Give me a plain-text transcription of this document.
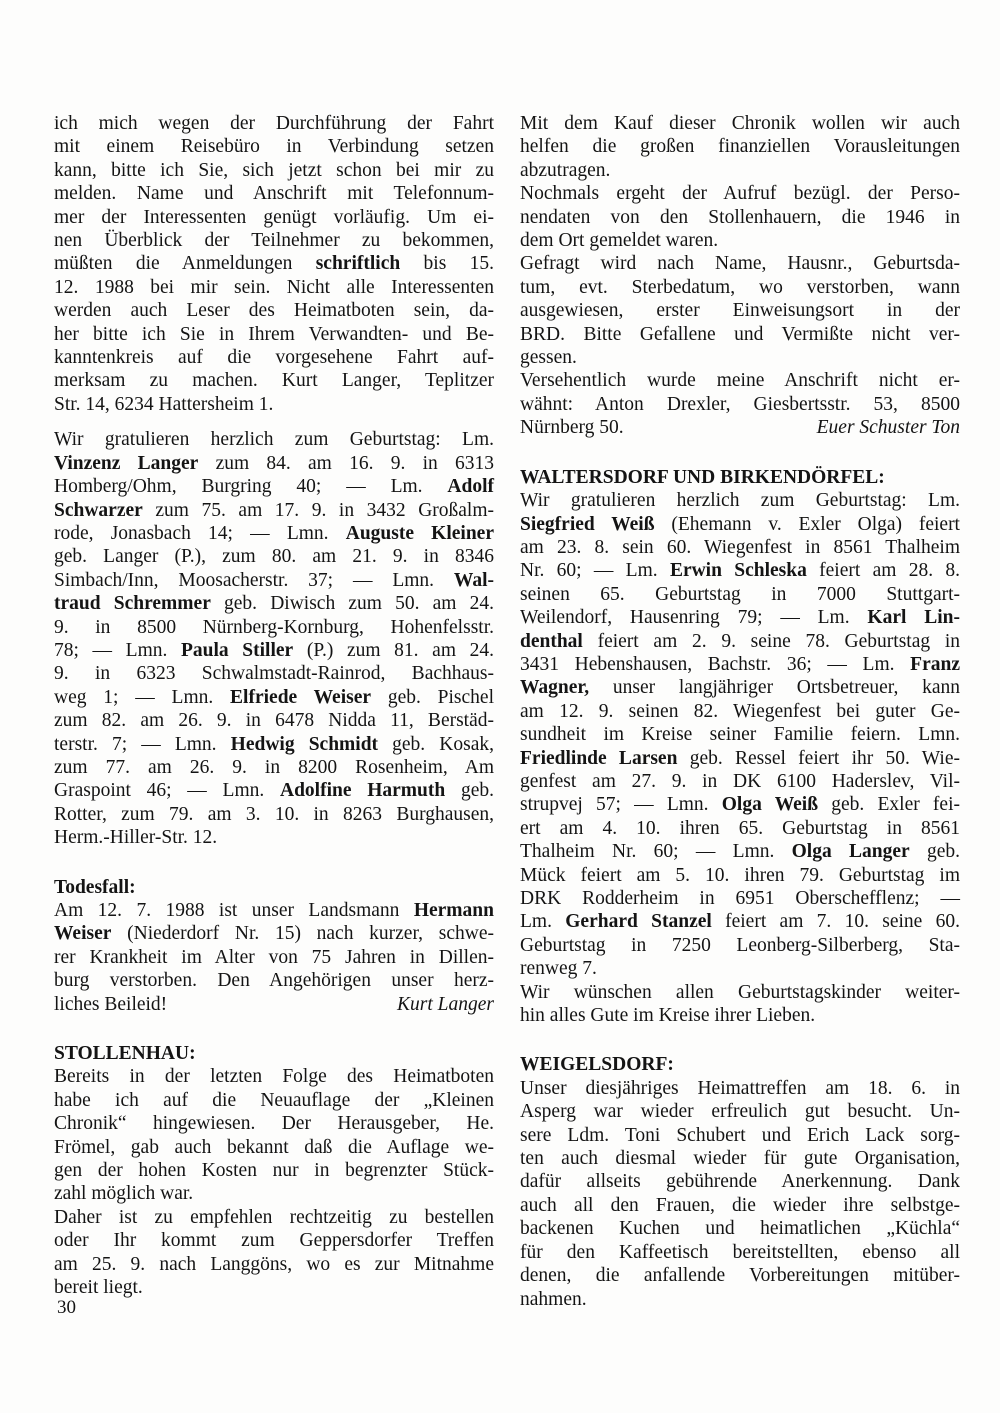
ich mich wegen der Durchführung der Fahrt
mit einem Reisebüro in Verbindung setzen
kann, bitte ich Sie, sich jetzt schon bei mir zu
melden. Name und Anschrift mit Telefonnum-
mer der Interessenten genügt vorläufig. Um ei-
nen Überblick der Teilnehmer zu bekommen,
müßten die Anmeldungen schriftlich bis 15.
12. 1988 bei mir sein. Nicht alle Interessenten
werden auch Leser des Heimatboten sein, da-
her bitte ich Sie in Ihrem Verwandten- und Be-
kanntenkreis auf die vorgesehene Fahrt auf-
merksam zu machen. Kurt Langer, Teplitzer
Str. 14, 6234 Hattersheim 1.
Wir gratulieren herzlich zum Geburtstag: Lm.
Vinzenz Langer zum 84. am 16. 9. in 6313
Homberg/Ohm, Burgring 40; — Lm. Adolf
Schwarzer zum 75. am 17. 9. in 3432 Großalm-
rode, Jonasbach 14; — Lmn. Auguste Kleiner
geb. Langer (P.), zum 80. am 21. 9. in 8346
Simbach/Inn, Moosacherstr. 37; — Lmn. Wal-
traud Schremmer geb. Diwisch zum 50. am 24.
9. in 8500 Nürnberg-Kornburg, Hohenfelsstr.
78; — Lmn. Paula Stiller (P.) zum 81. am 24.
9. in 6323 Schwalmstadt-Rainrod, Bachhaus-
weg 1; — Lmn. Elfriede Weiser geb. Pischel
zum 82. am 26. 9. in 6478 Nidda 11, Berstäd-
terstr. 7; — Lmn. Hedwig Schmidt geb. Kosak,
zum 77. am 26. 9. in 8200 Rosenheim, Am
Graspoint 46; — Lmn. Adolfine Harmuth geb.
Rotter, zum 79. am 3. 10. in 8263 Burghausen,
Herm.-Hiller-Str. 12.
Todesfall:
Am 12. 7. 1988 ist unser Landsmann Hermann
Weiser (Niederdorf Nr. 15) nach kurzer, schwe-
rer Krankheit im Alter von 75 Jahren in Dillen-
burg verstorben. Den Angehörigen unser herz-
liches Beileid!	Kurt Langer
STOLLENHAU:
Bereits in der letzten Folge des Heimatboten
habe ich auf die Neuauflage der „Kleinen
Chronik“ hingewiesen. Der Herausgeber, He.
Frömel, gab auch bekannt daß die Auflage we-
gen der hohen Kosten nur in begrenzter Stück-
zahl möglich war.
Daher ist zu empfehlen rechtzeitig zu bestellen
oder Ihr kommt zum Geppersdorfer Treffen
am 25. 9. nach Langgöns, wo es zur Mitnahme
bereit liegt.
Mit dem Kauf dieser Chronik wollen wir auch
helfen die großen finanziellen Vorausleitungen
abzutragen.
Nochmals ergeht der Aufruf bezügl. der Perso-
nendaten von den Stollenhauern, die 1946 in
dem Ort gemeldet waren.
Gefragt wird nach Name, Hausnr., Geburtsda-
tum, evt. Sterbedatum, wo verstorben, wann
ausgewiesen, erster Einweisungsort in der
BRD. Bitte Gefallene und Vermißte nicht ver-
gessen.
Versehentlich wurde meine Anschrift nicht er-
wähnt: Anton Drexler, Giesbertsstr. 53, 8500
Nürnberg 50.	Euer Schuster Ton
WALTERSDORF UND BIRKENDÖRFEL:
Wir gratulieren herzlich zum Geburtstag: Lm.
Siegfried Weiß (Ehemann v. Exler Olga) feiert
am 23. 8. sein 60. Wiegenfest in 8561 Thalheim
Nr. 60; — Lm. Erwin Schleska feiert am 28. 8.
seinen 65. Geburtstag in 7000 Stuttgart-
Weilendorf, Hausenring 79; — Lm. Karl Lin-
denthal feiert am 2. 9. seine 78. Geburtstag in
3431 Hebenshausen, Bachstr. 36; — Lm. Franz
Wagner, unser langjähriger Ortsbetreuer, kann
am 12. 9. seinen 82. Wiegenfest bei guter Ge-
sundheit im Kreise seiner Familie feiern. Lmn.
Friedlinde Larsen geb. Ressel feiert ihr 50. Wie-
genfest am 27. 9. in DK 6100 Haderslev, Vil-
strupvej 57; — Lmn. Olga Weiß geb. Exler fei-
ert am 4. 10. ihren 65. Geburtstag in 8561
Thalheim Nr. 60; — Lmn. Olga Langer geb.
Mück feiert am 5. 10. ihren 79. Geburtstag im
DRK Rodderheim in 6951 Oberschefflenz; —
Lm. Gerhard Stanzel feiert am 7. 10. seine 60.
Geburtstag in 7250 Leonberg-Silberberg, Sta-
renweg 7.
Wir wünschen allen Geburtstagskinder weiter-
hin alles Gute im Kreise ihrer Lieben.
WEIGELSDORF:
Unser diesjähriges Heimattreffen am 18. 6. in
Asperg war wieder erfreulich gut besucht. Un-
sere Ldm. Toni Schubert und Erich Lack sorg-
ten auch diesmal wieder für gute Organisation,
dafür allseits gebührende Anerkennung. Dank
auch all den Frauen, die wieder ihre selbstge-
backenen Kuchen und heimatlichen „Küchla“
für den Kaffeetisch bereitstellten, ebenso all
denen, die anfallende Vorbereitungen mitüber-
nahmen.
30
